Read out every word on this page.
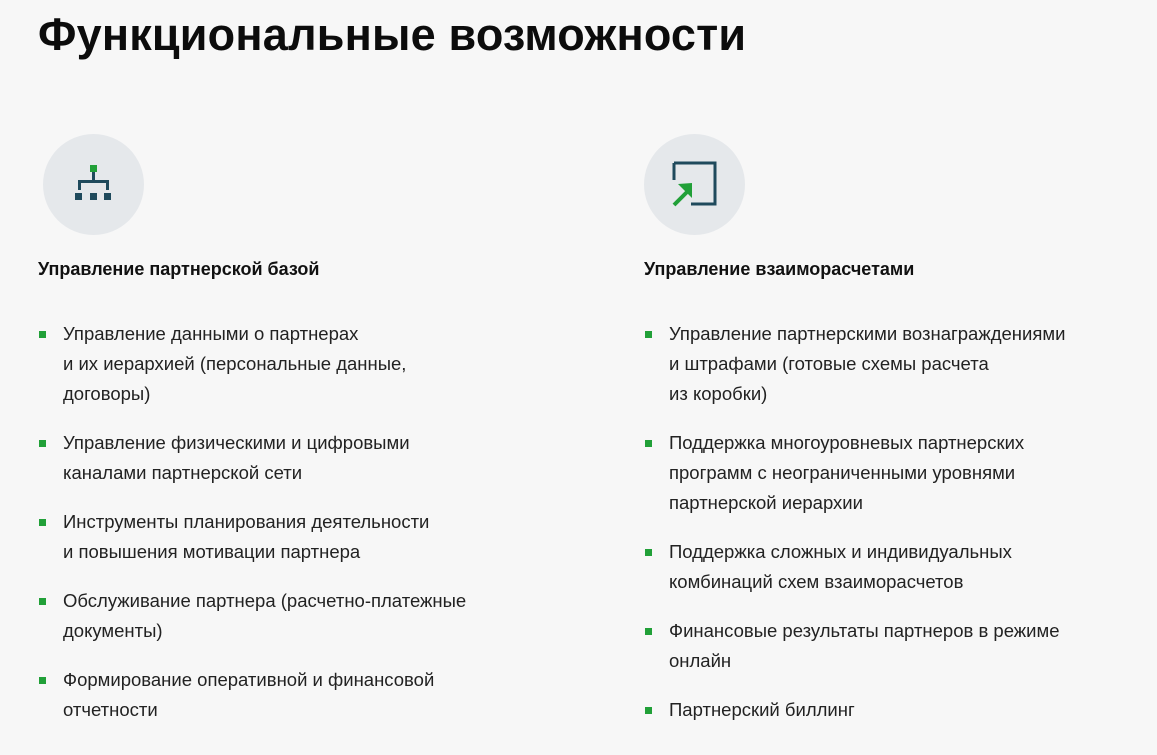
Функциональные возможности
Управление партнерской базой
Управление данными о партнерах
и их иерархией (персональные данные,
договоры)
Управление физическими и цифровыми
каналами партнерской сети
Инструменты планирования деятельности
и повышения мотивации партнера
Обслуживание партнера (расчетно-платежные
документы)
Формирование оперативной и финансовой
отчетности
Управление взаиморасчетами
Управление партнерскими вознаграждениями
и штрафами (готовые схемы расчета
из коробки)
Поддержка многоуровневых партнерских
программ с неограниченными уровнями
партнерской иерархии
Поддержка сложных и индивидуальных
комбинаций схем взаиморасчетов
Финансовые результаты партнеров в режиме
онлайн
Партнерский биллинг
